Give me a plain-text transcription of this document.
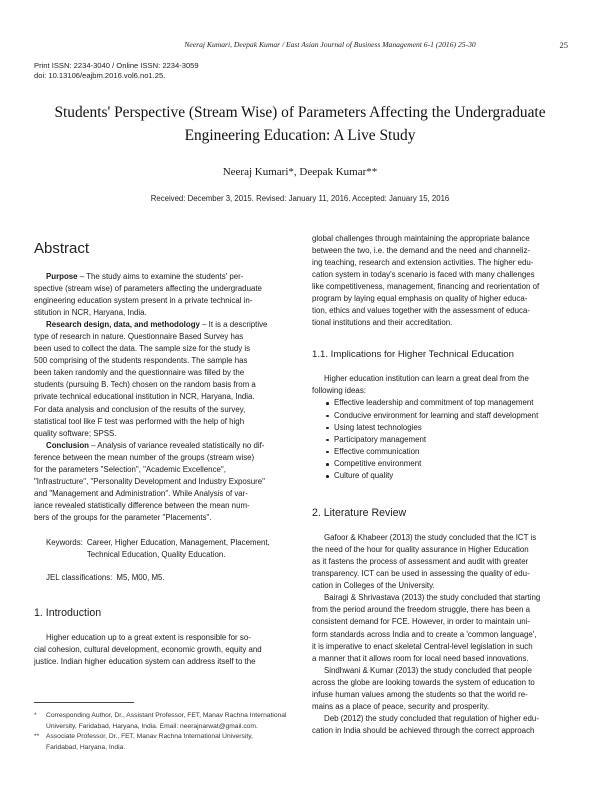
Neeraj Kumari, Deepak Kumar / East Asian Journal of Business Management 6-1 (2016) 25-30	25
Print ISSN: 2234-3040 / Online ISSN: 2234-3059
doi: 10.13106/eajbm.2016.vol6.no1.25.
Students' Perspective (Stream Wise) of Parameters Affecting the Undergraduate
Engineering Education: A Live Study
Neeraj Kumari*, Deepak Kumar**
Received: December 3, 2015. Revised: January 11, 2016. Accepted: January 15, 2016
Abstract

Purpose – The study aims to examine the students' per-
spective (stream wise) of parameters affecting the undergraduate
engineering education system present in a private technical in-
stitution in NCR, Haryana, India.

Research design, data, and methodology – It is a descriptive
type of research in nature. Questionnaire Based Survey has
been used to collect the data. The sample size for the study is
500 comprising of the students respondents. The sample has
been taken randomly and the questionnaire was filled by the
students (pursuing B. Tech) chosen on the random basis from a
private technical educational institution in NCR, Haryana, India.
For data analysis and conclusion of the results of the survey,
statistical tool like F test was performed with the help of high
quality software; SPSS.

Conclusion – Analysis of variance revealed statistically no dif-
ference between the mean number of the groups (stream wise)
for the parameters "Selection", "Academic Excellence",
"Infrastructure", "Personality Development and Industry Exposure"
and "Management and Administration". While Analysis of var-
iance revealed statistically difference between the mean num-
bers of the groups for the parameter "Placements".

Keywords: Career, Higher Education, Management, Placement,
Technical Education, Quality Education.
JEL classifications: M5, M00, M5.
1. Introduction

Higher education up to a great extent is responsible for so-
cial cohesion, cultural development, economic growth, equity and
justice. Indian higher education system can address itself to the

*	Corresponding Author, Dr., Assistant Professor, FET, Manav Rachna International
University, Faridabad, Haryana, India. Email: neerajnarwat@gmail.com.
**	Associate Professor, Dr., FET, Manav Rachna International University,
Faridabad, Haryana, India.

global challenges through maintaining the appropriate balance
between the two, i.e. the demand and the need and channeliz-
ing teaching, research and extension activities. The higher edu-
cation system in today's scenario is faced with many challenges
like competitiveness, management, financing and reorientation of
program by laying equal emphasis on quality of higher educa-
tion, ethics and values together with the assessment of educa-
tional institutions and their accreditation.

1.1. Implications for Higher Technical Education

Higher education institution can learn a great deal from the
following ideas:

Effective leadership and commitment of top management
Conducive environment for learning and staff development
Using latest technologies
Participatory management
Effective communication
Competitive environment
Culture of quality
2. Literature Review

Gafoor & Khabeer (2013) the study concluded that the ICT is
the need of the hour for quality assurance in Higher Education
as it fastens the process of assessment and audit with greater
transparency. ICT can be used in assessing the quality of edu-
cation in Colleges of the University.

Bairagi & Shrivastava (2013) the study concluded that starting
from the period around the freedom struggle, there has been a
consistent demand for FCE. However, in order to maintain uni-
form standards across India and to create a 'common language',
it is imperative to enact skeletal Central-level legislation in such
a manner that it allows room for local need based innovations.

Sindhwani & Kumar (2013) the study concluded that people
across the globe are looking towards the system of education to
infuse human values among the students so that the world re-
mains as a place of peace, security and prosperity.

Deb (2012) the study concluded that regulation of higher edu-
cation in India should be achieved through the correct approach
